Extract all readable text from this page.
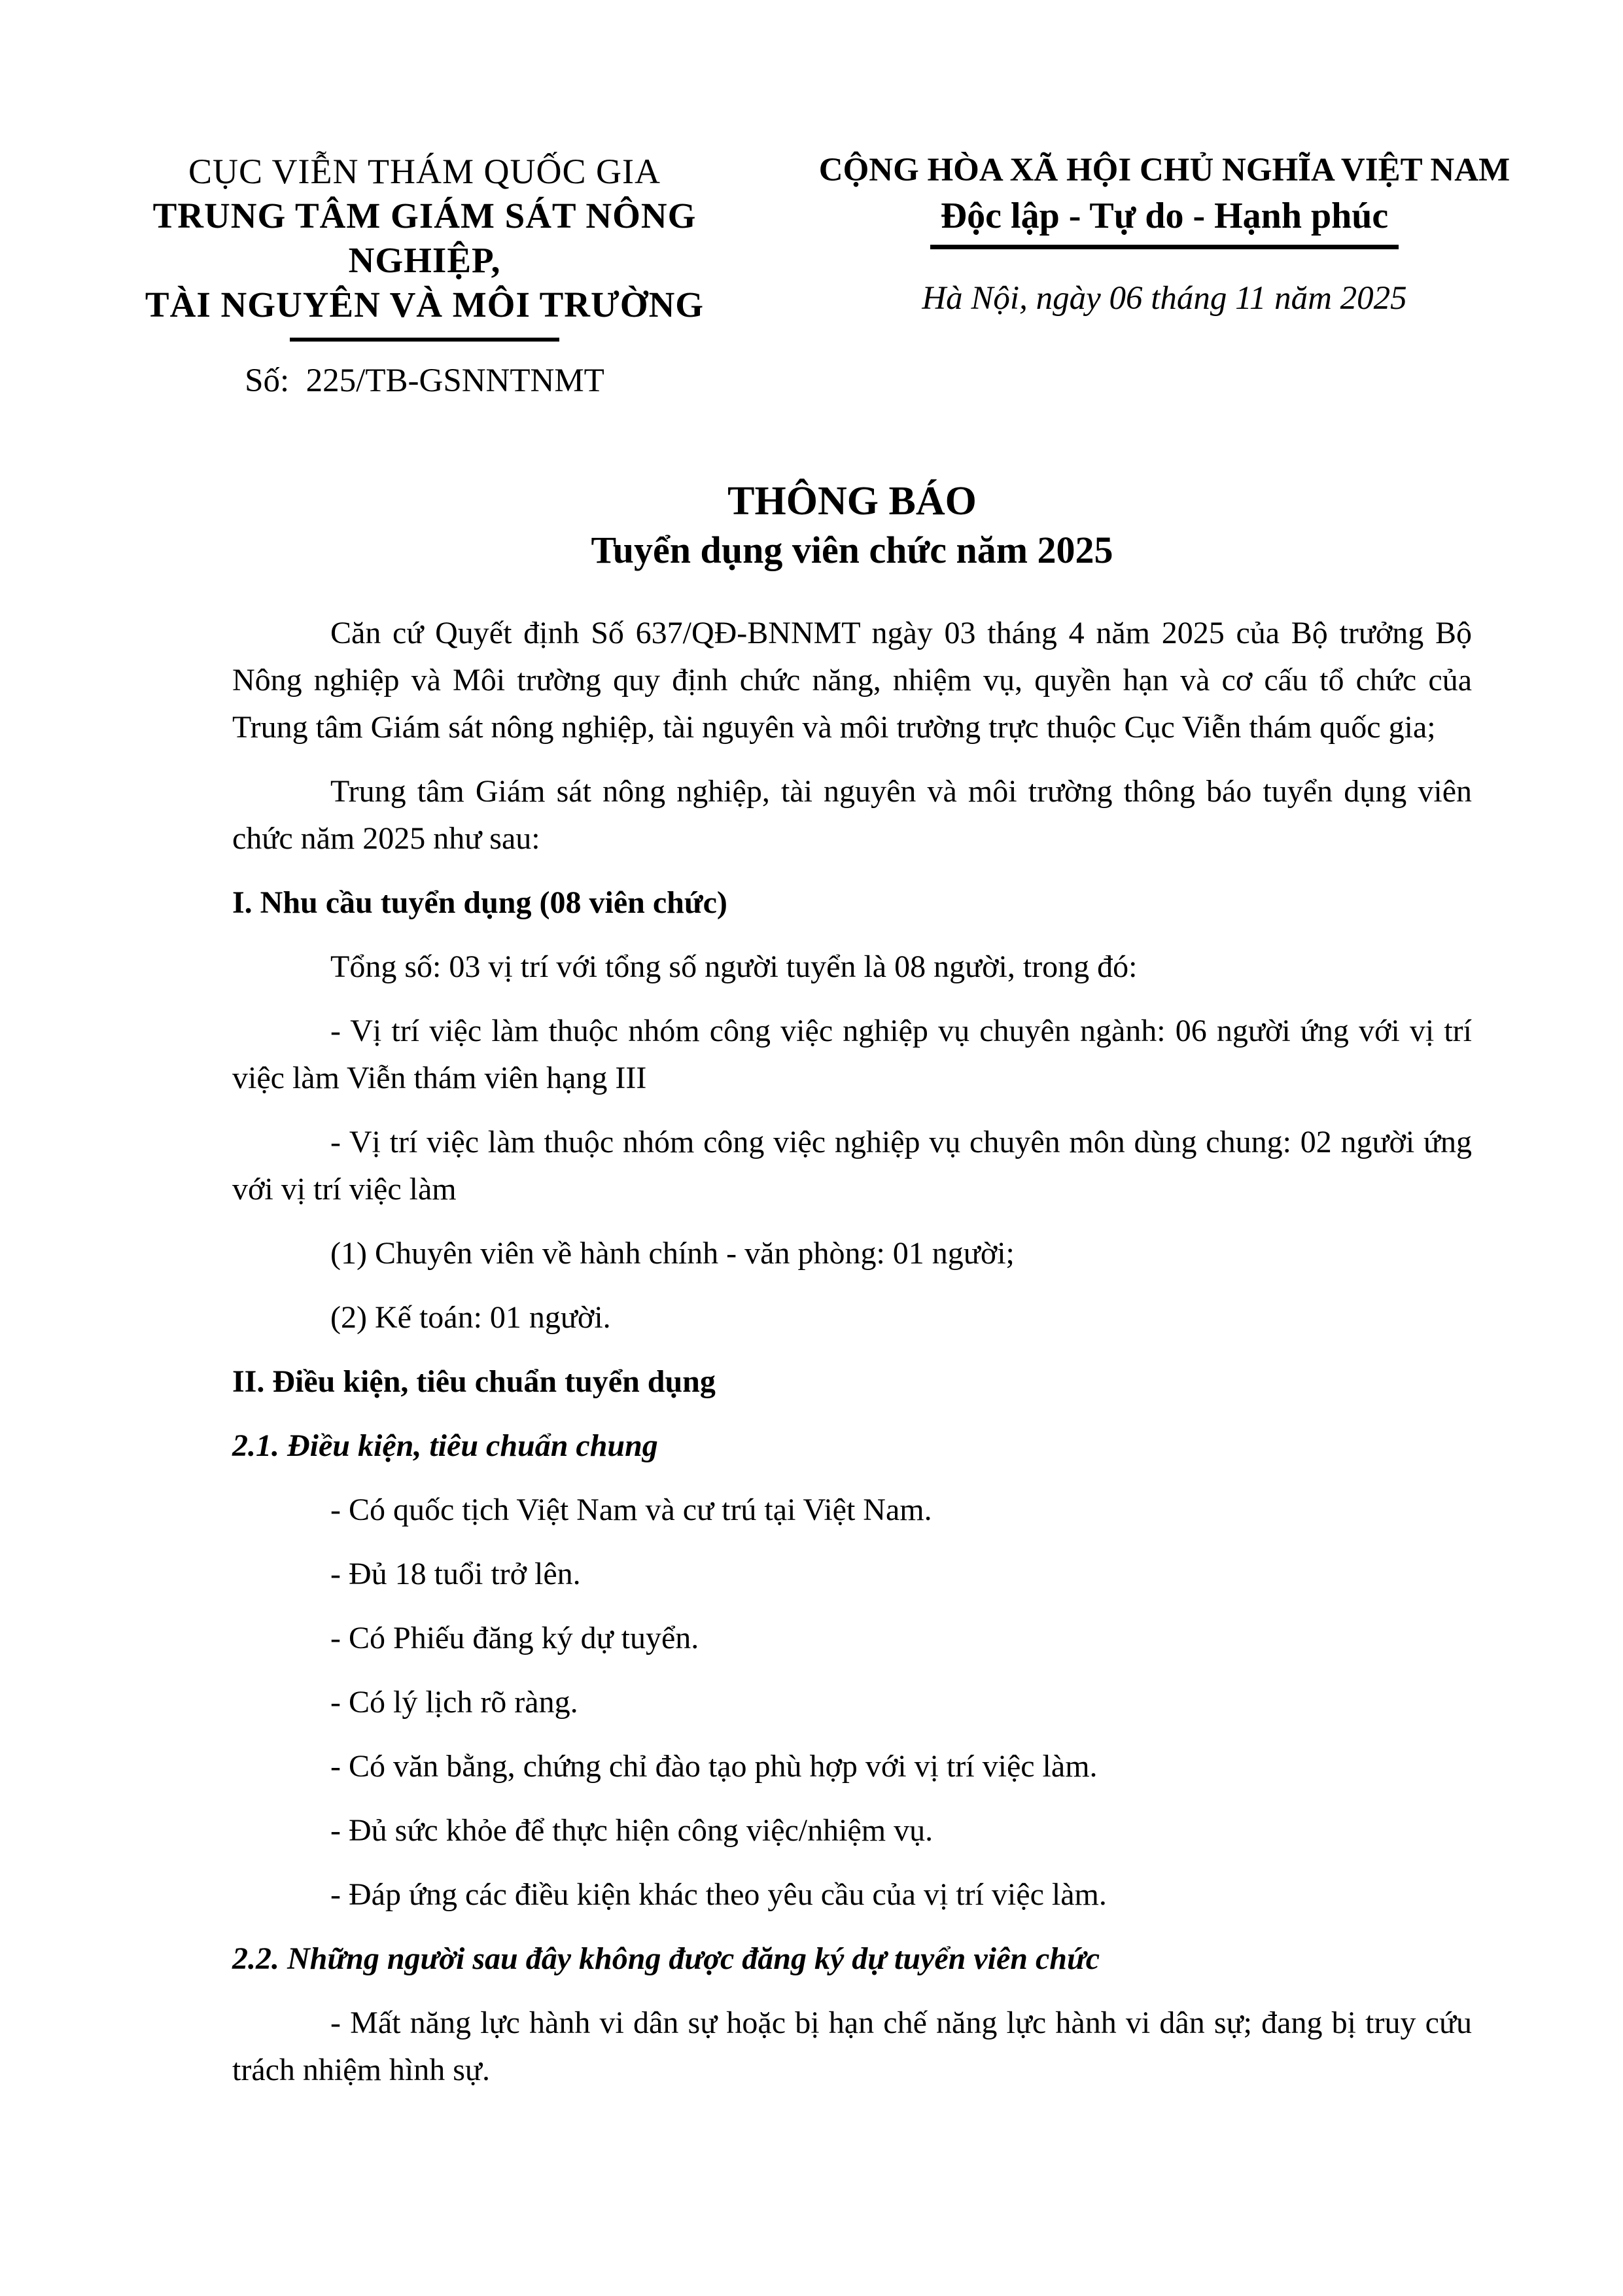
CỤC VIỄN THÁM QUỐC GIA
TRUNG TÂM GIÁM SÁT NÔNG NGHIỆP,
TÀI NGUYÊN VÀ MÔI TRƯỜNG
Số:  225/TB-GSNNTNMT
CỘNG HÒA XÃ HỘI CHỦ NGHĨA VIỆT NAM
Độc lập - Tự do - Hạnh phúc
Hà Nội, ngày 06 tháng 11 năm 2025
THÔNG BÁO
Tuyển dụng viên chức năm 2025

Căn cứ Quyết định Số 637/QĐ-BNNMT ngày 03 tháng 4 năm 2025 của Bộ trưởng Bộ Nông nghiệp và Môi trường quy định chức năng, nhiệm vụ, quyền hạn và cơ cấu tổ chức của Trung tâm Giám sát nông nghiệp, tài nguyên và môi trường trực thuộc Cục Viễn thám quốc gia;

Trung tâm Giám sát nông nghiệp, tài nguyên và môi trường thông báo tuyển dụng viên chức năm 2025 như sau:

I. Nhu cầu tuyển dụng (08 viên chức)

Tổng số: 03 vị trí với tổng số người tuyển là 08 người, trong đó:

- Vị trí việc làm thuộc nhóm công việc nghiệp vụ chuyên ngành: 06 người ứng với vị trí việc làm Viễn thám viên hạng III

- Vị trí việc làm thuộc nhóm công việc nghiệp vụ chuyên môn dùng chung: 02 người ứng với vị trí việc làm

(1) Chuyên viên về hành chính - văn phòng: 01 người;

(2) Kế toán: 01 người.

II. Điều kiện, tiêu chuẩn tuyển dụng

2.1. Điều kiện, tiêu chuẩn chung

- Có quốc tịch Việt Nam và cư trú tại Việt Nam.

- Đủ 18 tuổi trở lên.

- Có Phiếu đăng ký dự tuyển.

- Có lý lịch rõ ràng.

- Có văn bằng, chứng chỉ đào tạo phù hợp với vị trí việc làm.

- Đủ sức khỏe để thực hiện công việc/nhiệm vụ.

- Đáp ứng các điều kiện khác theo yêu cầu của vị trí việc làm.

2.2. Những người sau đây không được đăng ký dự tuyển viên chức

- Mất năng lực hành vi dân sự hoặc bị hạn chế năng lực hành vi dân sự; đang bị truy cứu trách nhiệm hình sự.
